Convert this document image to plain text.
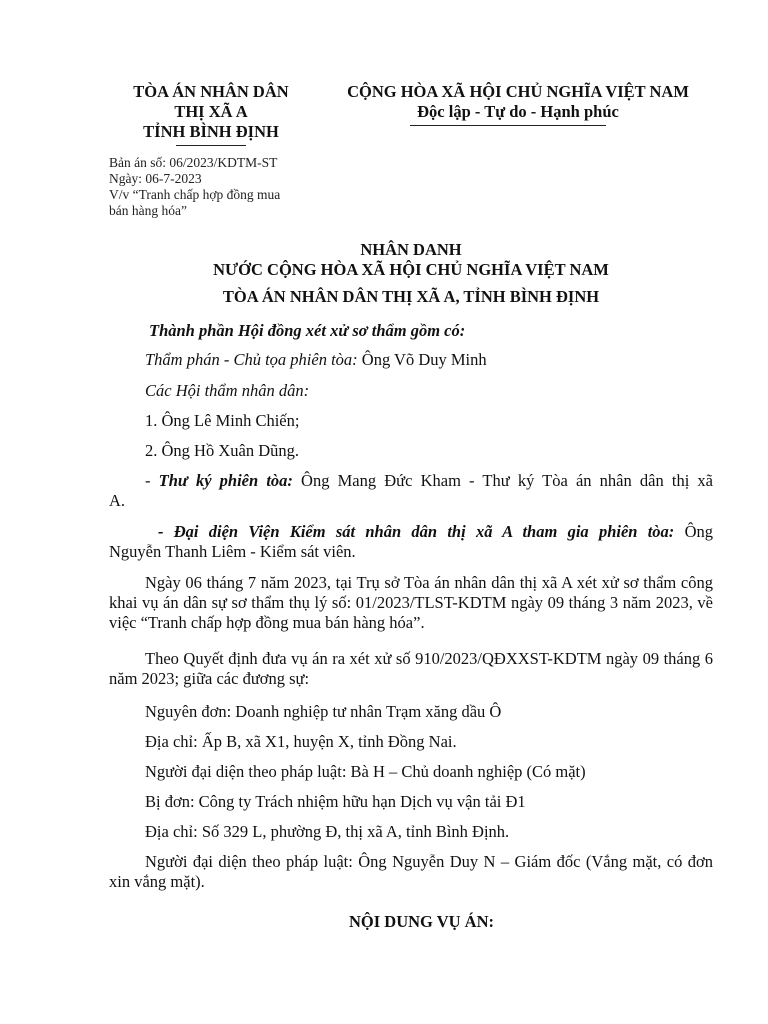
TÒA ÁN NHÂN DÂN
THỊ XÃ A
TỈNH BÌNH ĐỊNH
CỘNG HÒA XÃ HỘI CHỦ NGHĨA VIỆT NAM
Độc lập - Tự do - Hạnh phúc
Bản án số: 06/2023/KDTM-ST
Ngày: 06-7-2023
V/v “Tranh chấp hợp đồng mua
bán hàng hóa”
NHÂN DANH
NƯỚC CỘNG HÒA XÃ HỘI CHỦ NGHĨA VIỆT NAM
TÒA ÁN NHÂN DÂN THỊ XÃ A, TỈNH BÌNH ĐỊNH
Thành phần Hội đồng xét xử sơ thẩm gồm có:
Thẩm phán - Chủ tọa phiên tòa: Ông Võ Duy Minh
Các Hội thẩm nhân dân:
1. Ông Lê Minh Chiến;
2. Ông Hồ Xuân Dũng.
- Thư ký phiên tòa: Ông Mang Đức Kham - Thư ký Tòa án nhân dân thị xã
A.
- Đại diện Viện Kiểm sát nhân dân thị xã A tham gia phiên tòa: Ông
Nguyễn Thanh Liêm - Kiểm sát viên.
Ngày 06 tháng 7 năm 2023, tại Trụ sở Tòa án nhân dân thị xã A xét xử sơ thẩm công khai vụ án dân sự sơ thẩm thụ lý số: 01/2023/TLST-KDTM ngày 09 tháng 3 năm 2023, về việc “Tranh chấp hợp đồng mua bán hàng hóa”.
Theo Quyết định đưa vụ án ra xét xử số 910/2023/QĐXXST-KDTM ngày 09 tháng 6 năm 2023; giữa các đương sự:
Nguyên đơn: Doanh nghiệp tư nhân Trạm xăng dầu Ô
Địa chỉ: Ấp B, xã X1, huyện X, tỉnh Đồng Nai.
Người đại diện theo pháp luật: Bà H – Chủ doanh nghiệp (Có mặt)
Bị đơn: Công ty Trách nhiệm hữu hạn Dịch vụ vận tải Đ1
Địa chỉ: Số 329 L, phường Đ, thị xã A, tỉnh Bình Định.
Người đại diện theo pháp luật: Ông Nguyễn Duy N – Giám đốc (Vắng mặt, có đơn xin vắng mặt).
NỘI DUNG VỤ ÁN:
